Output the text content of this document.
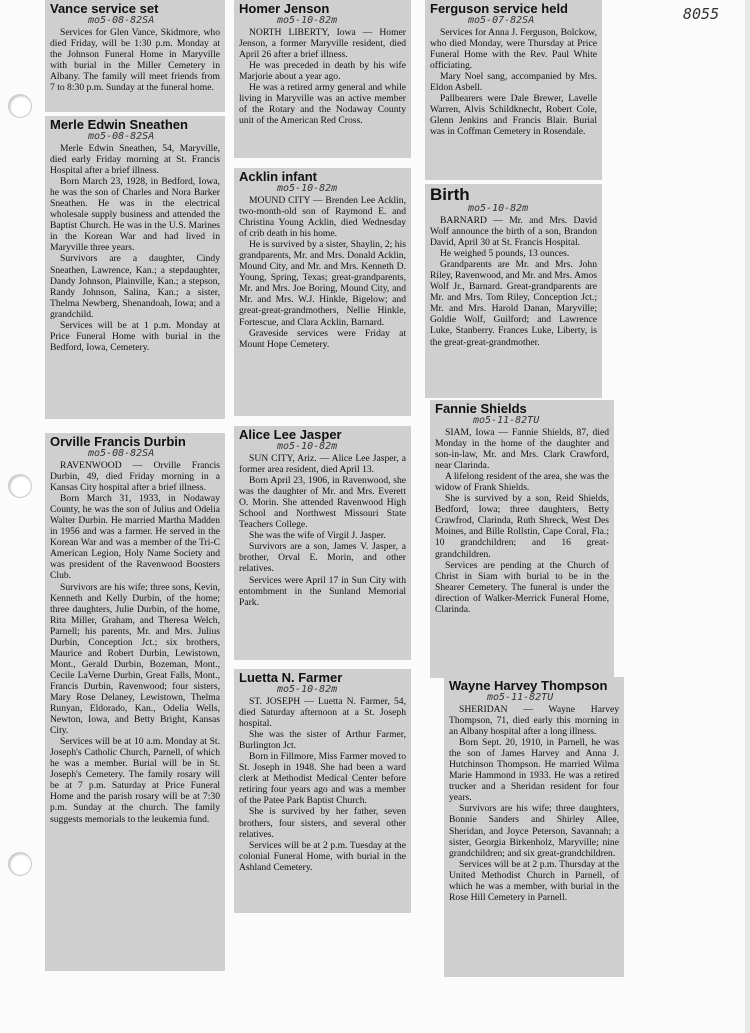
8055
Vance service set
mo5-08-82SA

Services for Glen Vance, Skidmore, who died Friday, will be 1:30 p.m. Monday at the Johnson Funeral Home in Maryville with burial in the Miller Cemetery in Albany. The family will meet friends from 7 to 8:30 p.m. Sunday at the funeral home.

Merle Edwin Sneathen
mo5-08-82SA

Merle Edwin Sneathen, 54, Maryville, died early Friday morning at St. Francis Hospital after a brief illness.

Born March 23, 1928, in Bedford, Iowa, he was the son of Charles and Nora Barker Sneathen. He was in the electrical wholesale supply business and attended the Baptist Church. He was in the U.S. Marines in the Korean War and had lived in Maryville three years.

Survivors are a daughter, Cindy Sneathen, Lawrence, Kan.; a stepdaughter, Dandy Johnson, Plainville, Kan.; a stepson, Randy Johnson, Salina, Kan.; a sister, Thelma Newberg, Shenandoah, Iowa; and a grandchild.

Services will be at 1 p.m. Monday at Price Funeral Home with burial in the Bedford, Iowa, Cemetery.

Orville Francis Durbin
mo5-08-82SA

RAVENWOOD — Orville Francis Durbin, 49, died Friday morning in a Kansas City hospital after a brief illness.

Born March 31, 1933, in Nodaway County, he was the son of Julius and Odelia Walter Durbin. He married Martha Madden in 1956 and was a farmer. He served in the Korean War and was a member of the Tri-C American Legion, Holy Name Society and was president of the Ravenwood Boosters Club.

Survivors are his wife; three sons, Kevin, Kenneth and Kelly Durbin, of the home; three daughters, Julie Durbin, of the home, Rita Miller, Graham, and Theresa Welch, Parnell; his parents, Mr. and Mrs. Julius Durbin, Conception Jct.; six brothers, Maurice and Robert Durbin, Lewistown, Mont., Gerald Durbin, Bozeman, Mont., Cecile LaVerne Durbin, Great Falls, Mont., Francis Durbin, Ravenwood; four sisters, Mary Rose Delaney, Lewistown, Thelma Runyan, Eldorado, Kan., Odelia Wells, Newton, Iowa, and Betty Bright, Kansas City.

Services will be at 10 a.m. Monday at St. Joseph's Catholic Church, Parnell, of which he was a member. Burial will be in St. Joseph's Cemetery. The family rosary will be at 7 p.m. Saturday at Price Funeral Home and the parish rosary will be at 7:30 p.m. Sunday at the church. The family suggests memorials to the leukemia fund.

Homer Jenson
mo5-10-82m

NORTH LIBERTY, Iowa — Homer Jenson, a former Maryville resident, died April 26 after a brief illness.

He was preceded in death by his wife Marjorie about a year ago.

He was a retired army general and while living in Maryville was an active member of the Rotary and the Nodaway County unit of the American Red Cross.

Acklin infant
mo5-10-82m

MOUND CITY — Brenden Lee Acklin, two-month-old son of Raymond E. and Christina Young Acklin, died Wednesday of crib death in his home.

He is survived by a sister, Shaylin, 2; his grandparents, Mr. and Mrs. Donald Acklin, Mound City, and Mr. and Mrs. Kenneth D. Young, Spring, Texas; great-grandparents, Mr. and Mrs. Joe Boring, Mound City, and Mr. and Mrs. W.J. Hinkle, Bigelow; and great-great-grandmothers, Nellie Hinkle, Fortescue, and Clara Acklin, Barnard.

Graveside services were Friday at Mount Hope Cemetery.

Alice Lee Jasper
mo5-10-82m

SUN CITY, Ariz. — Alice Lee Jasper, a former area resident, died April 13.

Born April 23, 1906, in Ravenwood, she was the daughter of Mr. and Mrs. Everett O. Morin. She attended Ravenwood High School and Northwest Missouri State Teachers College.

She was the wife of Virgil J. Jasper.

Survivors are a son, James V. Jasper, a brother, Orval E. Morin, and other relatives.

Services were April 17 in Sun City with entombment in the Sunland Memorial Park.

Luetta N. Farmer
mo5-10-82m

ST. JOSEPH — Luetta N. Farmer, 54, died Saturday afternoon at a St. Joseph hospital.

She was the sister of Arthur Farmer, Burlington Jct.

Born in Fillmore, Miss Farmer moved to St. Joseph in 1948. She had been a ward clerk at Methodist Medical Center before retiring four years ago and was a member of the Patee Park Baptist Church.

She is survived by her father, seven brothers, four sisters, and several other relatives.

Services will be at 2 p.m. Tuesday at the colonial Funeral Home, with burial in the Ashland Cemetery.

Ferguson service held
mo5-07-82SA

Services for Anna J. Ferguson, Bolckow, who died Monday, were Thursday at Price Funeral Home with the Rev. Paul White officiating.

Mary Noel sang, accompanied by Mrs. Eldon Asbell.

Pallbearers were Dale Brewer, Lavelle Warren, Alvis Schildknecht, Robert Cole, Glenn Jenkins and Francis Blair. Burial was in Coffman Cemetery in Rosendale.

Birth
mo5-10-82m

BARNARD — Mr. and Mrs. David Wolf announce the birth of a son, Brandon David, April 30 at St. Francis Hospital.

He weighed 5 pounds, 13 ounces.

Grandparents are Mr. and Mrs. John Riley, Ravenwood, and Mr. and Mrs. Amos Wolf Jr., Barnard. Great-grandparents are Mr. and Mrs. Tom Riley, Conception Jct.; Mr. and Mrs. Harold Danan, Maryville; Goldie Wolf, Guilford; and Lawrence Luke, Stanberry. Frances Luke, Liberty, is the great-great-grandmother.

Fannie Shields
mo5-11-82TU

SIAM, Iowa — Fannie Shields, 87, died Monday in the home of the daughter and son-in-law, Mr. and Mrs. Clark Crawford, near Clarinda.

A lifelong resident of the area, she was the widow of Frank Shields.

She is survived by a son, Reid Shields, Bedford, Iowa; three daughters, Betty Crawfrod, Clarinda, Ruth Shreck, West Des Moines, and Bille Rollstin, Cape Coral, Fla.; 10 grandchildren; and 16 great-grandchildren.

Services are pending at the Church of Christ in Siam with burial to be in the Shearer Cemetery. The funeral is under the direction of Walker-Merrick Funeral Home, Clarinda.

Wayne Harvey Thompson
mo5-11-82TU

SHERIDAN — Wayne Harvey Thompson, 71, died early this morning in an Albany hospital after a long illness.

Born Sept. 20, 1910, in Parnell, he was the son of James Harvey and Anna J. Hutchinson Thompson. He married Wilma Marie Hammond in 1933. He was a retired trucker and a Sheridan resident for four years.

Survivors are his wife; three daughters, Bonnie Sanders and Shirley Allee, Sheridan, and Joyce Peterson, Savannah; a sister, Georgia Birkenholz, Maryville; nine grandchildren; and six great-grandchildren.

Services will be at 2 p.m. Thursday at the United Methodist Church in Parnell, of which he was a member, with burial in the Rose Hill Cemetery in Parnell.
